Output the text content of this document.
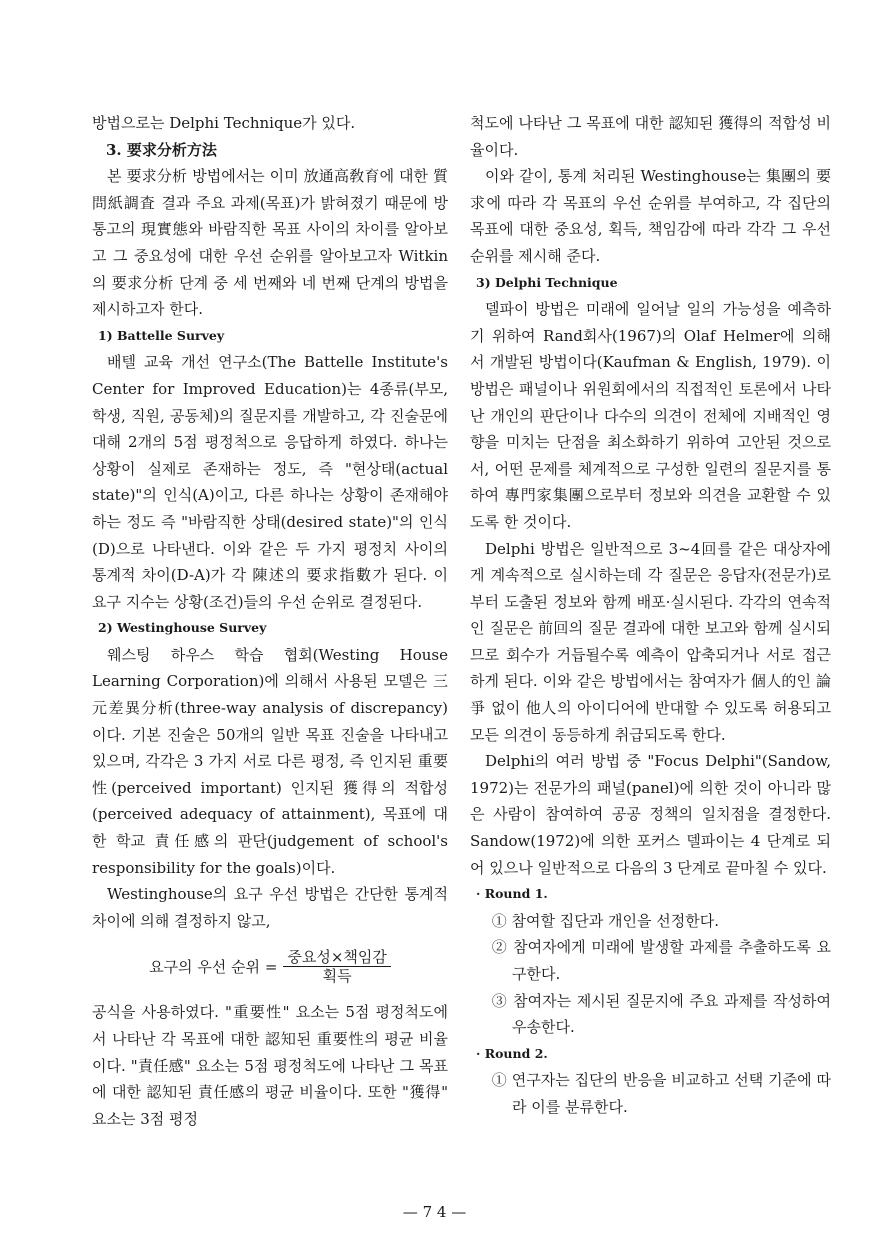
방법으로는 Delphi Technique가 있다.

3. 要求分析方法

본 要求分析 방법에서는 이미 放通高敎育에 대한 質問紙調査 결과 주요 과제(목표)가 밝혀졌기 때문에 방통고의 現實態와 바람직한 목표 사이의 차이를 알아보고 그 중요성에 대한 우선 순위를 알아보고자 Witkin의 要求分析 단계 중 세 번째와 네 번째 단계의 방법을 제시하고자 한다.

1) Battelle Survey

배텔 교육 개선 연구소(The Battelle Institute's Center for Improved Education)는 4종류(부모, 학생, 직원, 공동체)의 질문지를 개발하고, 각 진술문에 대해 2개의 5점 평정척으로 응답하게 하였다. 하나는 상황이 실제로 존재하는 정도, 즉 "현상태(actual state)"의 인식(A)이고, 다른 하나는 상황이 존재해야 하는 정도 즉 "바람직한 상태(desired state)"의 인식(D)으로 나타낸다. 이와 같은 두 가지 평정치 사이의 통계적 차이(D-A)가 각 陳述의 要求指數가 된다. 이 요구 지수는 상황(조건)들의 우선 순위로 결정된다.

2) Westinghouse Survey

웨스팅 하우스 학습 협회(Westing House Learning Corporation)에 의해서 사용된 모델은 三元差異分析(three-way analysis of discrepancy)이다. 기본 진술은 50개의 일반 목표 진술을 나타내고 있으며, 각각은 3 가지 서로 다른 평정, 즉 인지된 重要性(perceived important) 인지된 獲得의 적합성(perceived adequacy of attainment), 목표에 대한 학교 責任感의 판단(judgement of school's responsibility for the goals)이다.

Westinghouse의 요구 우선 방법은 간단한 통계적 차이에 의해 결정하지 않고,

요구의 우선 순위 = $\frac{\text{중요성×책임감}}{\text{획득}}$

공식을 사용하였다. "重要性" 요소는 5점 평정척도에서 나타난 각 목표에 대한 認知된 重要性의 평균 비율이다. "責任感" 요소는 5점 평정척도에 나타난 그 목표에 대한 認知된 責任感의 평균 비율이다. 또한 "獲得" 요소는 3점 평정

척도에 나타난 그 목표에 대한 認知된 獲得의 적합성 비율이다.

이와 같이, 통계 처리된 Westinghouse는 集團의 要求에 따라 각 목표의 우선 순위를 부여하고, 각 집단의 목표에 대한 중요성, 획득, 책임감에 따라 각각 그 우선 순위를 제시해 준다.

3) Delphi Technique

델파이 방법은 미래에 일어날 일의 가능성을 예측하기 위하여 Rand회사(1967)의 Olaf Helmer에 의해서 개발된 방법이다(Kaufman & English, 1979). 이 방법은 패널이나 위원회에서의 직접적인 토론에서 나타난 개인의 판단이나 다수의 의견이 전체에 지배적인 영향을 미치는 단점을 최소화하기 위하여 고안된 것으로서, 어떤 문제를 체계적으로 구성한 일련의 질문지를 통하여 專門家集團으로부터 정보와 의견을 교환할 수 있도록 한 것이다.

Delphi 방법은 일반적으로 3~4回를 같은 대상자에게 계속적으로 실시하는데 각 질문은 응답자(전문가)로부터 도출된 정보와 함께 배포·실시된다. 각각의 연속적인 질문은 前回의 질문 결과에 대한 보고와 함께 실시되므로 회수가 거듭될수록 예측이 압축되거나 서로 접근하게 된다. 이와 같은 방법에서는 참여자가 個人的인 論爭 없이 他人의 아이디어에 반대할 수 있도록 허용되고 모든 의견이 동등하게 취급되도록 한다.

Delphi의 여러 방법 중 "Focus Delphi"(Sandow, 1972)는 전문가의 패널(panel)에 의한 것이 아니라 많은 사람이 참여하여 공공 정책의 일치점을 결정한다. Sandow(1972)에 의한 포커스 델파이는 4 단계로 되어 있으나 일반적으로 다음의 3 단계로 끝마칠 수 있다.

· Round 1.

① 참여할 집단과 개인을 선정한다.

② 참여자에게 미래에 발생할 과제를 추출하도록 요구한다.

③ 참여자는 제시된 질문지에 주요 과제를 작성하여 우송한다.

· Round 2.

① 연구자는 집단의 반응을 비교하고 선택 기준에 따라 이를 분류한다.

— 7 4 —
